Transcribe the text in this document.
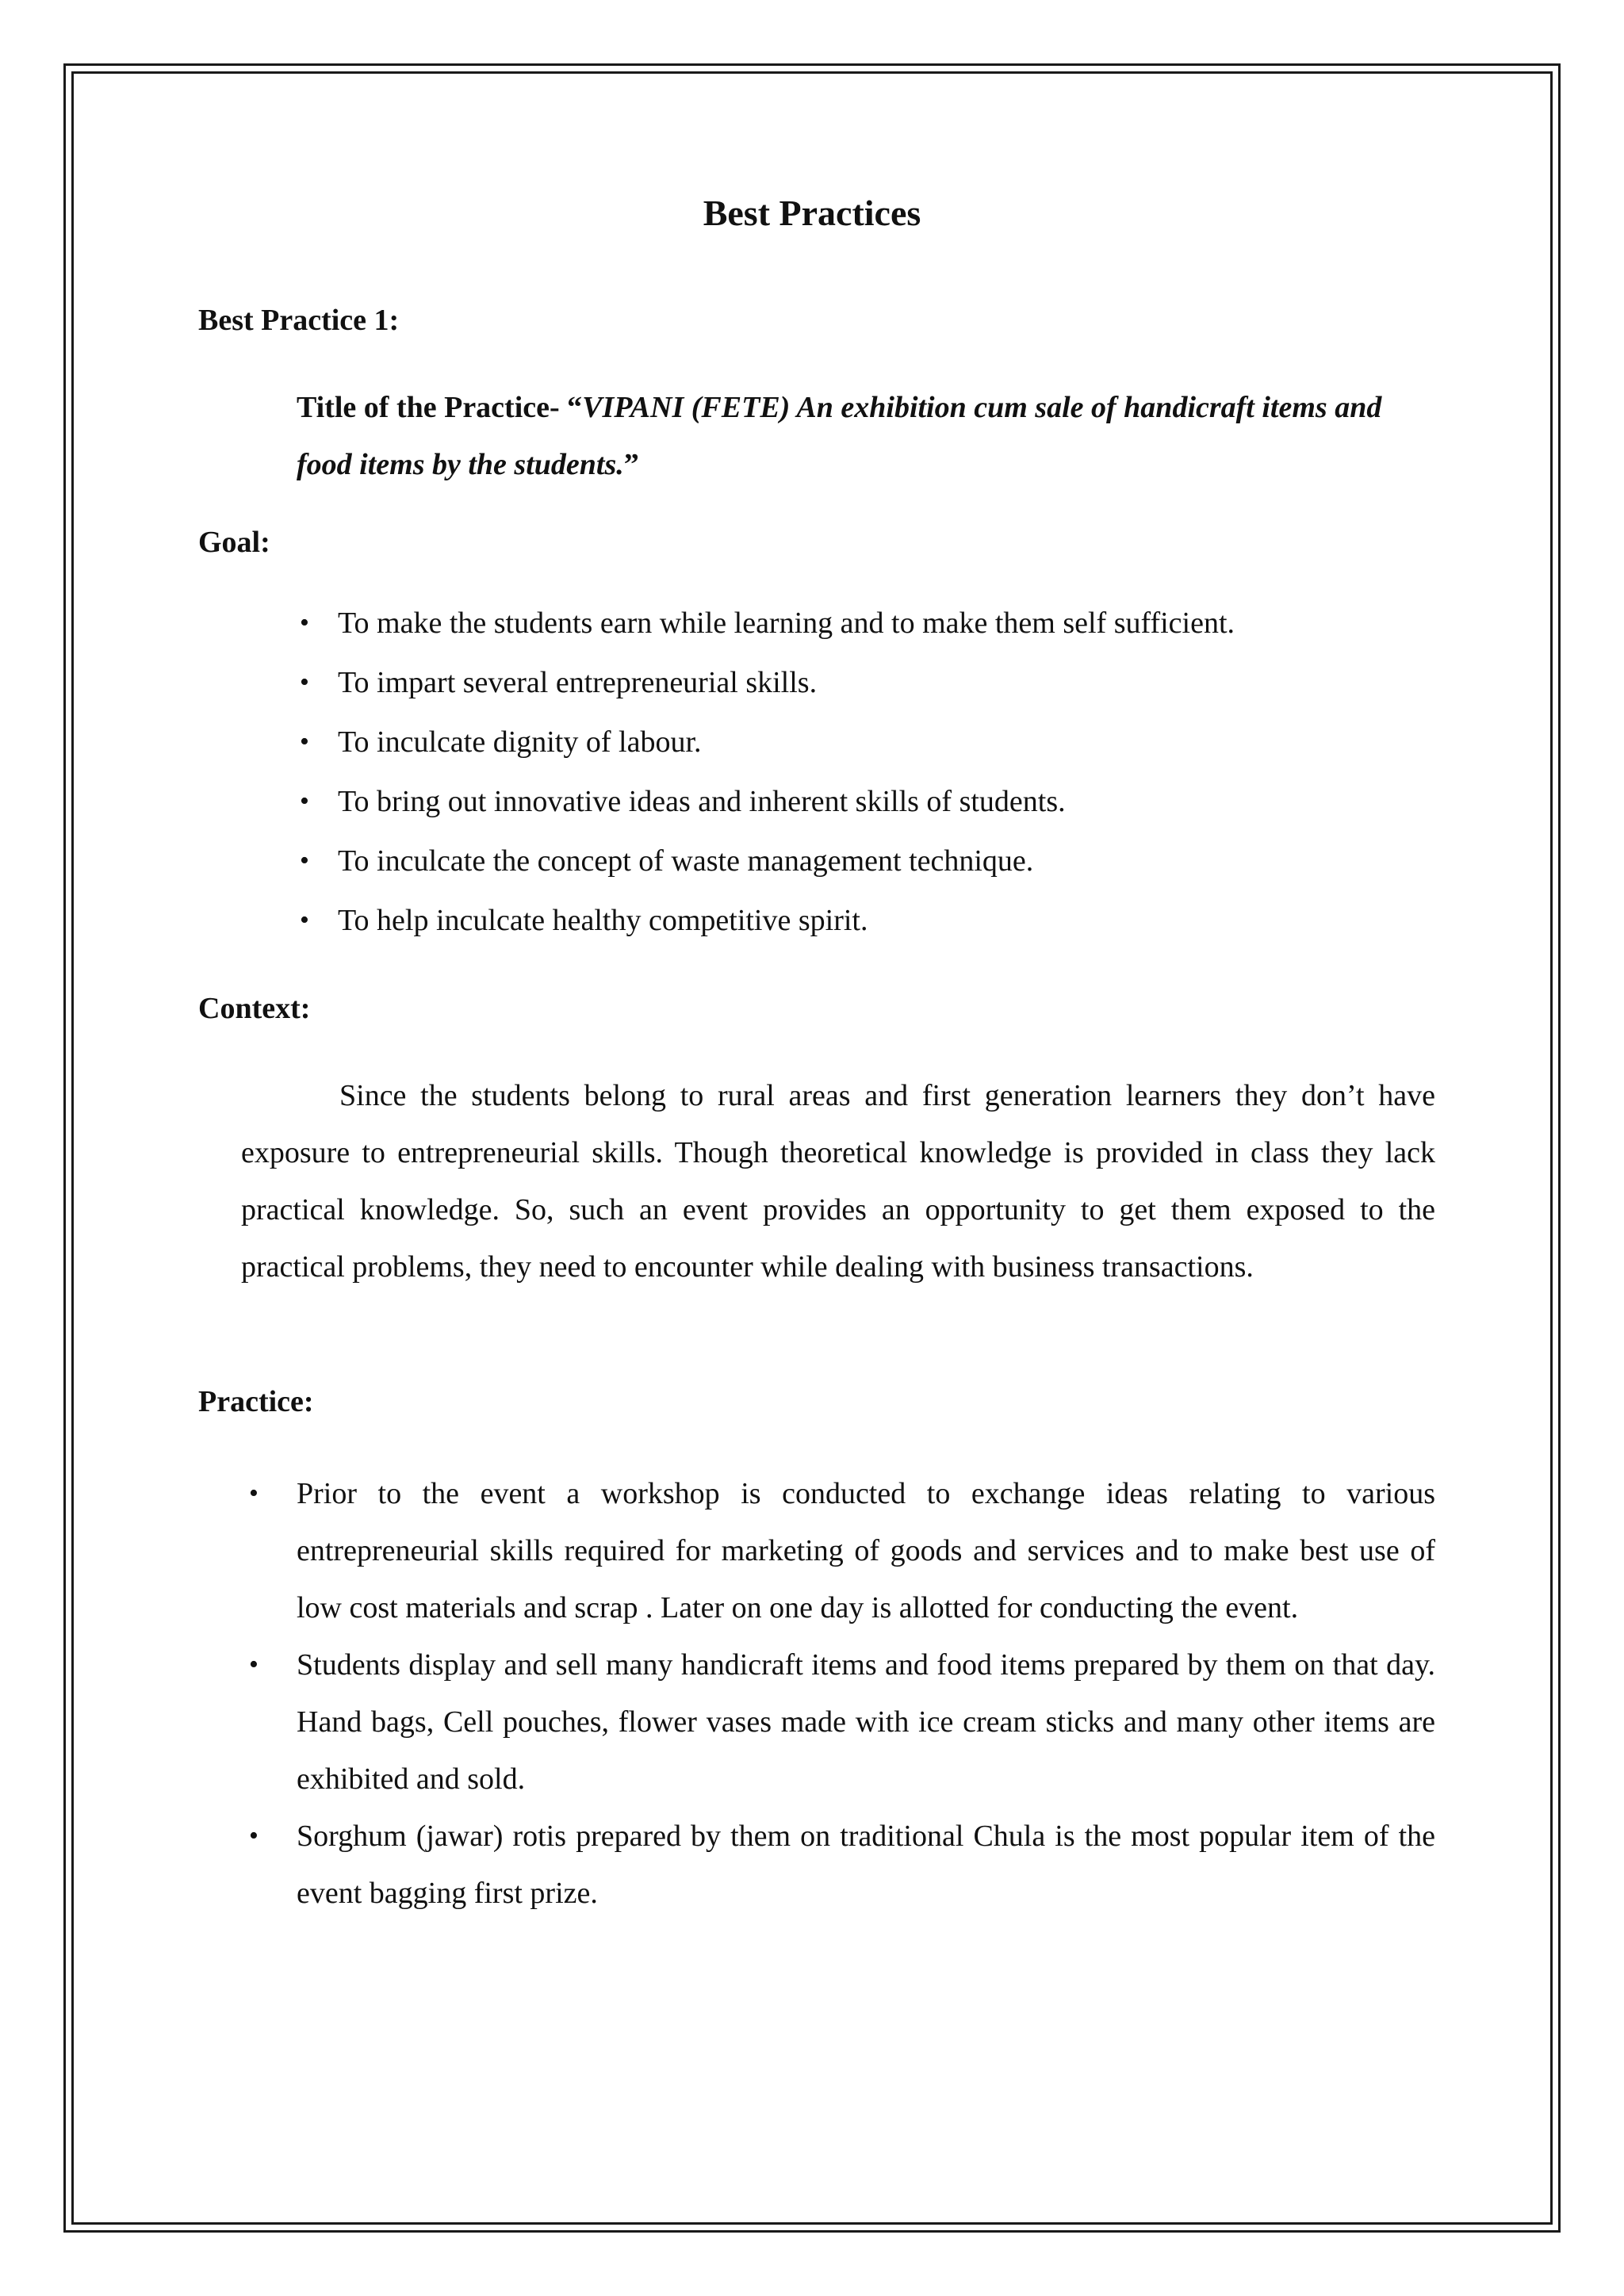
Best Practices
Best Practice 1:

Title of the Practice- “VIPANI (FETE) An exhibition cum sale of handicraft items and food items by the students.”

Goal:
• To make the students earn while learning and to make them self sufficient.
• To impart several entrepreneurial skills.
• To inculcate dignity of labour.
• To bring out innovative ideas and inherent skills of students.
• To inculcate the concept of waste management technique.
• To help inculcate healthy competitive spirit.
Context:

Since the students belong to rural areas and first generation learners they don’t have exposure to entrepreneurial skills. Though theoretical knowledge is provided in class they lack practical knowledge. So, such an event provides an opportunity to get them exposed to the practical problems, they need to encounter while dealing with business transactions.

Practice:
• Prior to the event a workshop is conducted to exchange ideas relating to various entrepreneurial skills required for marketing of goods and services and to make best use of low cost materials and scrap . Later on one day is allotted for conducting the event.
• Students display and sell many handicraft items and food items prepared by them on that day. Hand bags, Cell pouches, flower vases made with ice cream sticks and many other items are exhibited and sold.
• Sorghum (jawar) rotis prepared by them on traditional Chula is the most popular item of the event bagging first prize.
